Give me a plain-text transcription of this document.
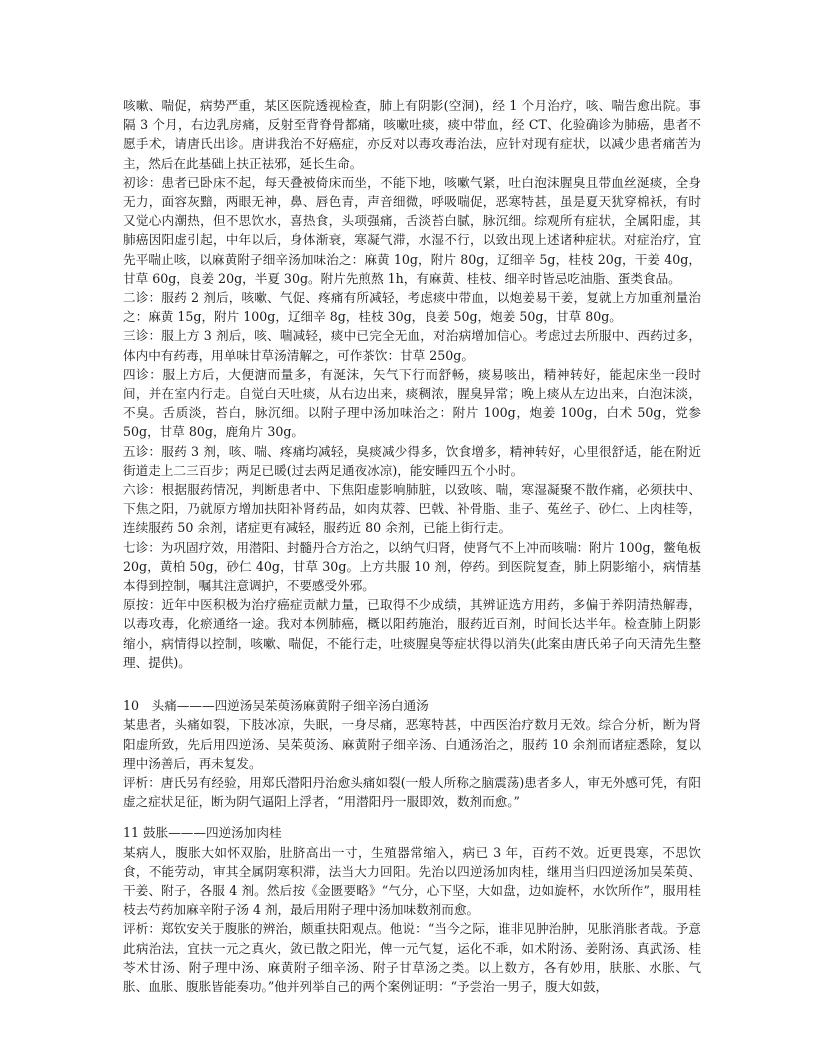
咳嗽、喘促，病势严重，某区医院透视检查，肺上有阴影(空洞)，经 1 个月治疗，咳、喘告愈出院。事隔 3 个月，右边乳房痛，反射至背脊骨都痛，咳嗽吐痰，痰中带血，经 CT、化验确诊为肺癌，患者不愿手术，请唐氏出诊。唐讲我治不好癌症，亦反对以毒攻毒治法，应针对现有症状，以减少患者痛苦为主，然后在此基础上扶正祛邪，延长生命。

初诊：患者已卧床不起，每天叠被倚床而坐，不能下地，咳嗽气紧，吐白泡沫腥臭且带血丝涎痰，全身无力，面容灰黯，两眼无神，鼻、唇色青，声音细微，呼吸喘促，恶寒特甚，虽是夏天犹穿棉袄，有时又觉心内潮热，但不思饮水，喜热食，头项强痛，舌淡苔白腻，脉沉细。综观所有症状，全属阳虚，其肺癌因阳虚引起，中年以后，身体渐衰，寒凝气滞，水湿不行，以致出现上述诸种症状。对症治疗，宜先平喘止咳，以麻黄附子细辛汤加味治之：麻黄 10g，附片 80g，辽细辛 5g，桂枝 20g，干姜 40g，甘草 60g，良姜 20g，半夏 30g。附片先煎熬 1h，有麻黄、桂枝、细辛时皆忌吃油脂、蛋类食品。

二诊：服药 2 剂后，咳嗽、气促、疼痛有所减轻，考虑痰中带血，以炮姜易干姜，复就上方加重剂量治之：麻黄 15g，附片 100g，辽细辛 8g，桂枝 30g，良姜 50g，炮姜 50g，甘草 80g。

三诊：服上方 3 剂后，咳、喘减轻，痰中已完全无血，对治病增加信心。考虑过去所服中、西药过多，体内中有药毒，用单味甘草汤清解之，可作茶饮：甘草 250g。

四诊：服上方后，大便溏而量多，有涎沫，矢气下行而舒畅，痰易咳出，精神转好，能起床坐一段时间，并在室内行走。自觉白天吐痰，从右边出来，痰稠浓，腥臭异常；晚上痰从左边出来，白泡沫淡，不臭。舌质淡，苔白，脉沉细。以附子理中汤加味治之：附片 100g，炮姜 100g，白术 50g，党参 50g，甘草 80g，鹿角片 30g。

五诊：服药 3 剂，咳、喘、疼痛均减轻，臭痰减少得多，饮食增多，精神转好，心里很舒适，能在附近街道走上二三百步；两足已暖(过去两足通夜冰凉)，能安睡四五个小时。

六诊：根据服药情况，判断患者中、下焦阳虚影响肺脏，以致咳、喘，寒湿凝聚不散作痛，必须扶中、下焦之阳，乃就原方增加扶阳补肾药品，如肉苁蓉、巴戟、补骨脂、韭子、菟丝子、砂仁、上肉桂等，连续服药 50 余剂，诸症更有减轻，服药近 80 余剂，已能上街行走。

七诊：为巩固疗效，用潜阳、封髓丹合方治之，以纳气归肾，使肾气不上冲而咳喘：附片 100g，鳖龟板 20g，黄柏 50g，砂仁 40g，甘草 30g。上方共服 10 剂，停药。到医院复查，肺上阴影缩小，病情基本得到控制，嘱其注意调护，不要感受外邪。

原按：近年中医积极为治疗癌症贡献力量，已取得不少成绩，其辨证选方用药，多偏于养阴清热解毒，以毒攻毒，化瘀通络一途。我对本例肺癌，概以阳药施治，服药近百剂，时间长达半年。检查肺上阴影缩小，病情得以控制，咳嗽、喘促，不能行走，吐痰腥臭等症状得以消失(此案由唐氏弟子向天清先生整理、提供)。

10　头痛———四逆汤吴茱萸汤麻黄附子细辛汤白通汤

某患者，头痛如裂，下肢冰凉，失眠，一身尽痛，恶寒特甚，中西医治疗数月无效。综合分析，断为肾阳虚所致，先后用四逆汤、吴茱萸汤、麻黄附子细辛汤、白通汤治之，服药 10 余剂而诸症悉除，复以理中汤善后，再未复发。

评析：唐氏另有经验，用郑氏潜阳丹治愈头痛如裂(一般人所称之脑震荡)患者多人，审无外感可凭，有阳虚之症状足征，断为阴气逼阳上浮者，“用潜阳丹一服即效，数剂而愈。”

11 鼓胀———四逆汤加肉桂

某病人，腹胀大如怀双胎，肚脐高出一寸，生殖器常缩入，病已 3 年，百药不效。近更畏寒，不思饮食，不能劳动，审其全属阴寒积滞，法当大力回阳。先治以四逆汤加肉桂，继用当归四逆汤加吴茱萸、干姜、附子，各服 4 剂。然后按《金匮要略》“气分，心下坚，大如盘，边如旋杯，水饮所作”，服用桂枝去芍药加麻辛附子汤 4 剂，最后用附子理中汤加味数剂而愈。

评析：郑钦安关于腹胀的辨治，颇重扶阳观点。他说：“当今之际，谁非见肿治肿，见胀消胀者哉。予意此病治法，宜扶一元之真火，敛已散之阳光，俾一元气复，运化不乖，如术附汤、姜附汤、真武汤、桂苓术甘汤、附子理中汤、麻黄附子细辛汤、附子甘草汤之类。以上数方，各有妙用，肤胀、水胀、气胀、血胀、腹胀皆能奏功。”他并列举自己的两个案例证明：“予尝治一男子，腹大如鼓，
